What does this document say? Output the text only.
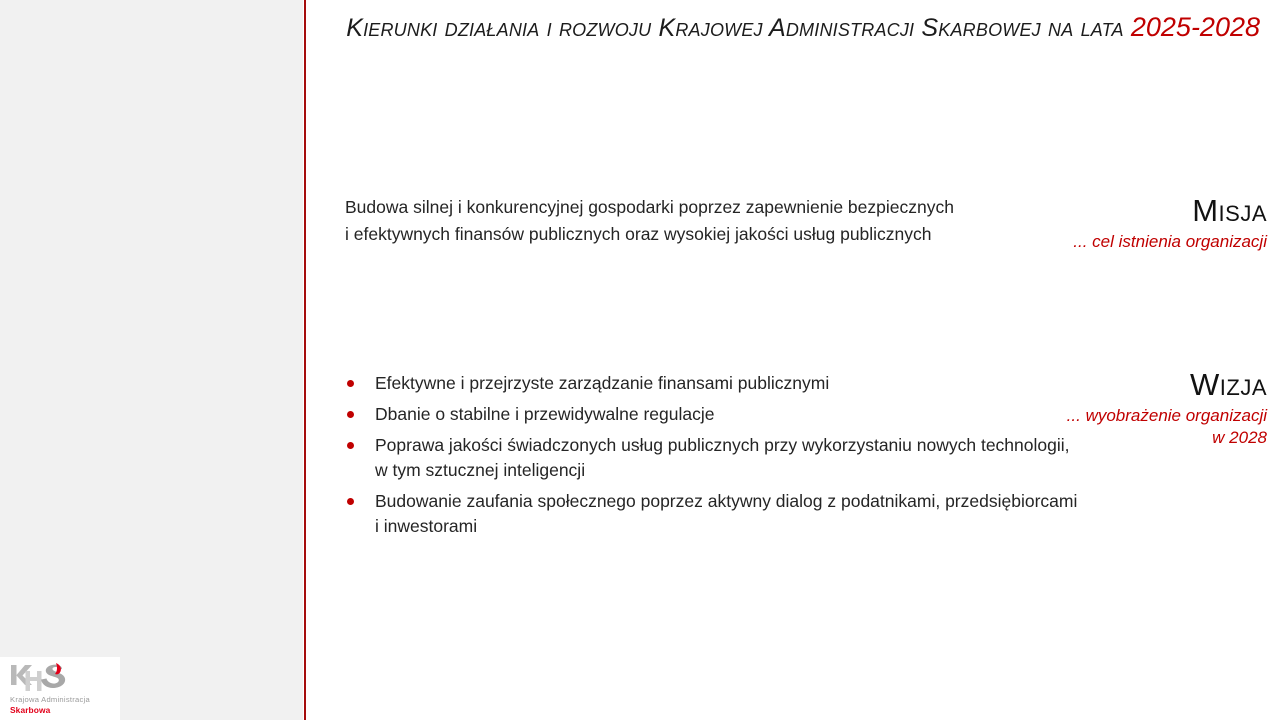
Kierunki działania i rozwoju Krajowej Administracji Skarbowej na lata 2025-2028
Misja
... cel istnienia organizacji
Budowa silnej i konkurencyjnej gospodarki poprzez zapewnienie bezpiecznych
i efektywnych finansów publicznych oraz wysokiej jakości usług publicznych
Wizja
... wyobrażenie organizacji
w 2028
Efektywne i przejrzyste zarządzanie finansami publicznymi
Dbanie o stabilne i przewidywalne regulacje
Poprawa jakości świadczonych usług publicznych przy wykorzystaniu nowych technologii,
w tym sztucznej inteligencji
Budowanie zaufania społecznego poprzez aktywny dialog z podatnikami, przedsiębiorcami
i inwestorami
Krajowa Administracja
Skarbowa
